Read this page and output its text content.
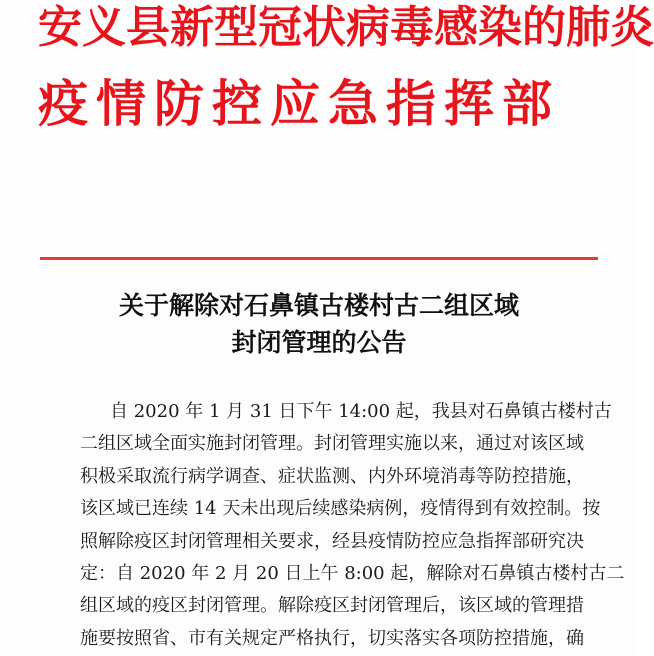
安义县新型冠状病毒感染的肺炎
疫情防控应急指挥部
关于解除对石鼻镇古楼村古二组区域
封闭管理的公告
自 2020 年 1 月 31 日下午 14:00 起，我县对石鼻镇古楼村古
二组区域全面实施封闭管理。封闭管理实施以来，通过对该区域
积极采取流行病学调查、症状监测、内外环境消毒等防控措施，
该区域已连续 14 天未出现后续感染病例，疫情得到有效控制。按
照解除疫区封闭管理相关要求，经县疫情防控应急指挥部研究决
定：自 2020 年 2 月 20 日上午 8:00 起，解除对石鼻镇古楼村古二
组区域的疫区封闭管理。解除疫区封闭管理后，该区域的管理措
施要按照省、市有关规定严格执行，切实落实各项防控措施，确
